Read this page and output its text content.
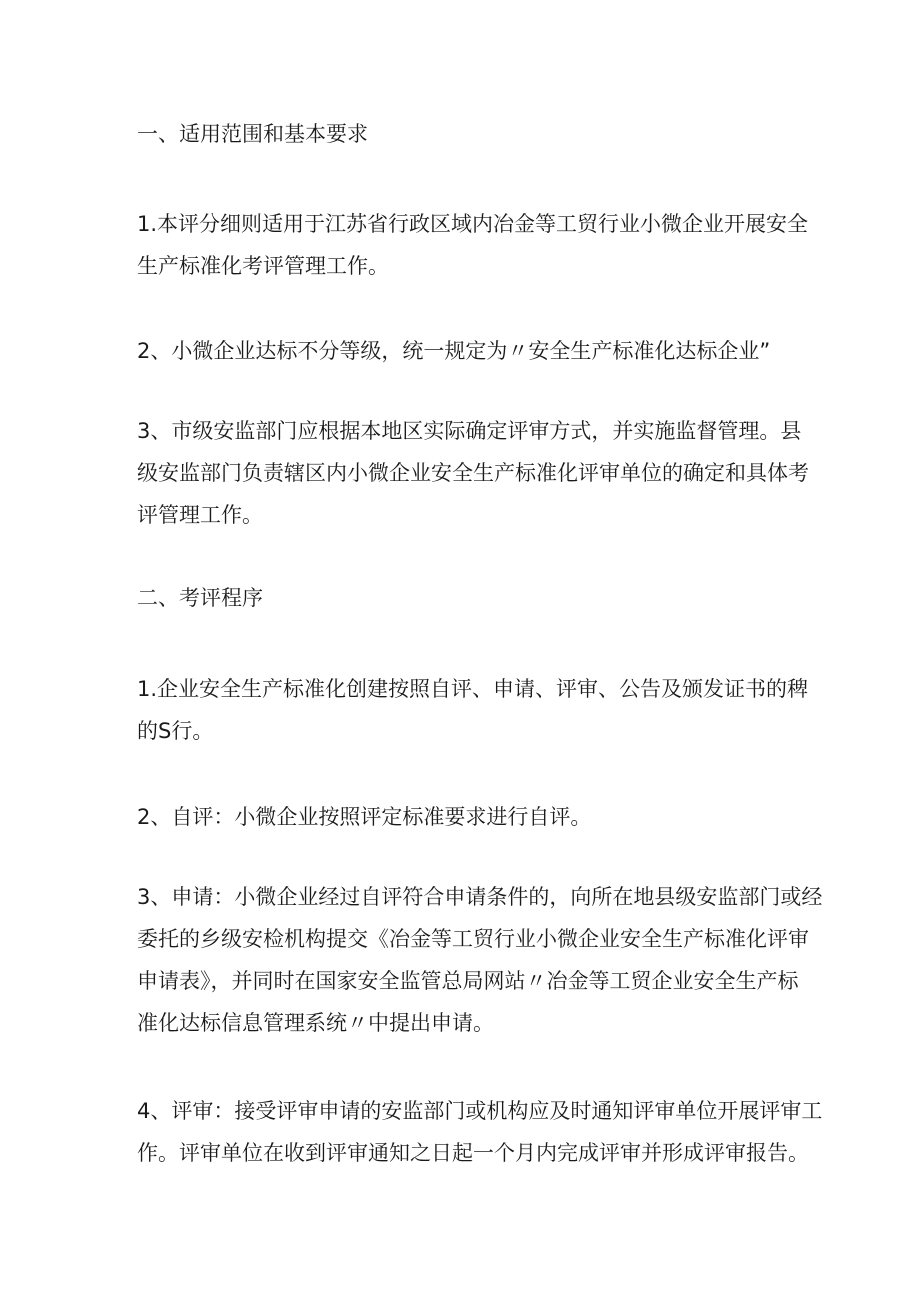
一、适用范围和基本要求

1.本评分细则适用于江苏省行政区域内冶金等工贸行业小微企业开展安全
生产标准化考评管理工作。

2、小微企业达标不分等级，统一规定为〃安全生产标准化达标企业”

3、市级安监部门应根据本地区实际确定评审方式，并实施监督管理。县
级安监部门负责辖区内小微企业安全生产标准化评审单位的确定和具体考
评管理工作。

二、考评程序

1.企业安全生产标准化创建按照自评、申请、评审、公告及颁发证书的稗
的S行。

2、自评：小微企业按照评定标准要求进行自评。

3、申请：小微企业经过自评符合申请条件的，向所在地县级安监部门或经
委托的乡级安检机构提交《冶金等工贸行业小微企业安全生产标准化评审
申请表》，并同时在国家安全监管总局网站〃冶金等工贸企业安全生产标
准化达标信息管理系统〃中提出申请。

4、评审：接受评审申请的安监部门或机构应及时通知评审单位开展评审工
作。评审单位在收到评审通知之日起一个月内完成评审并形成评审报告。
